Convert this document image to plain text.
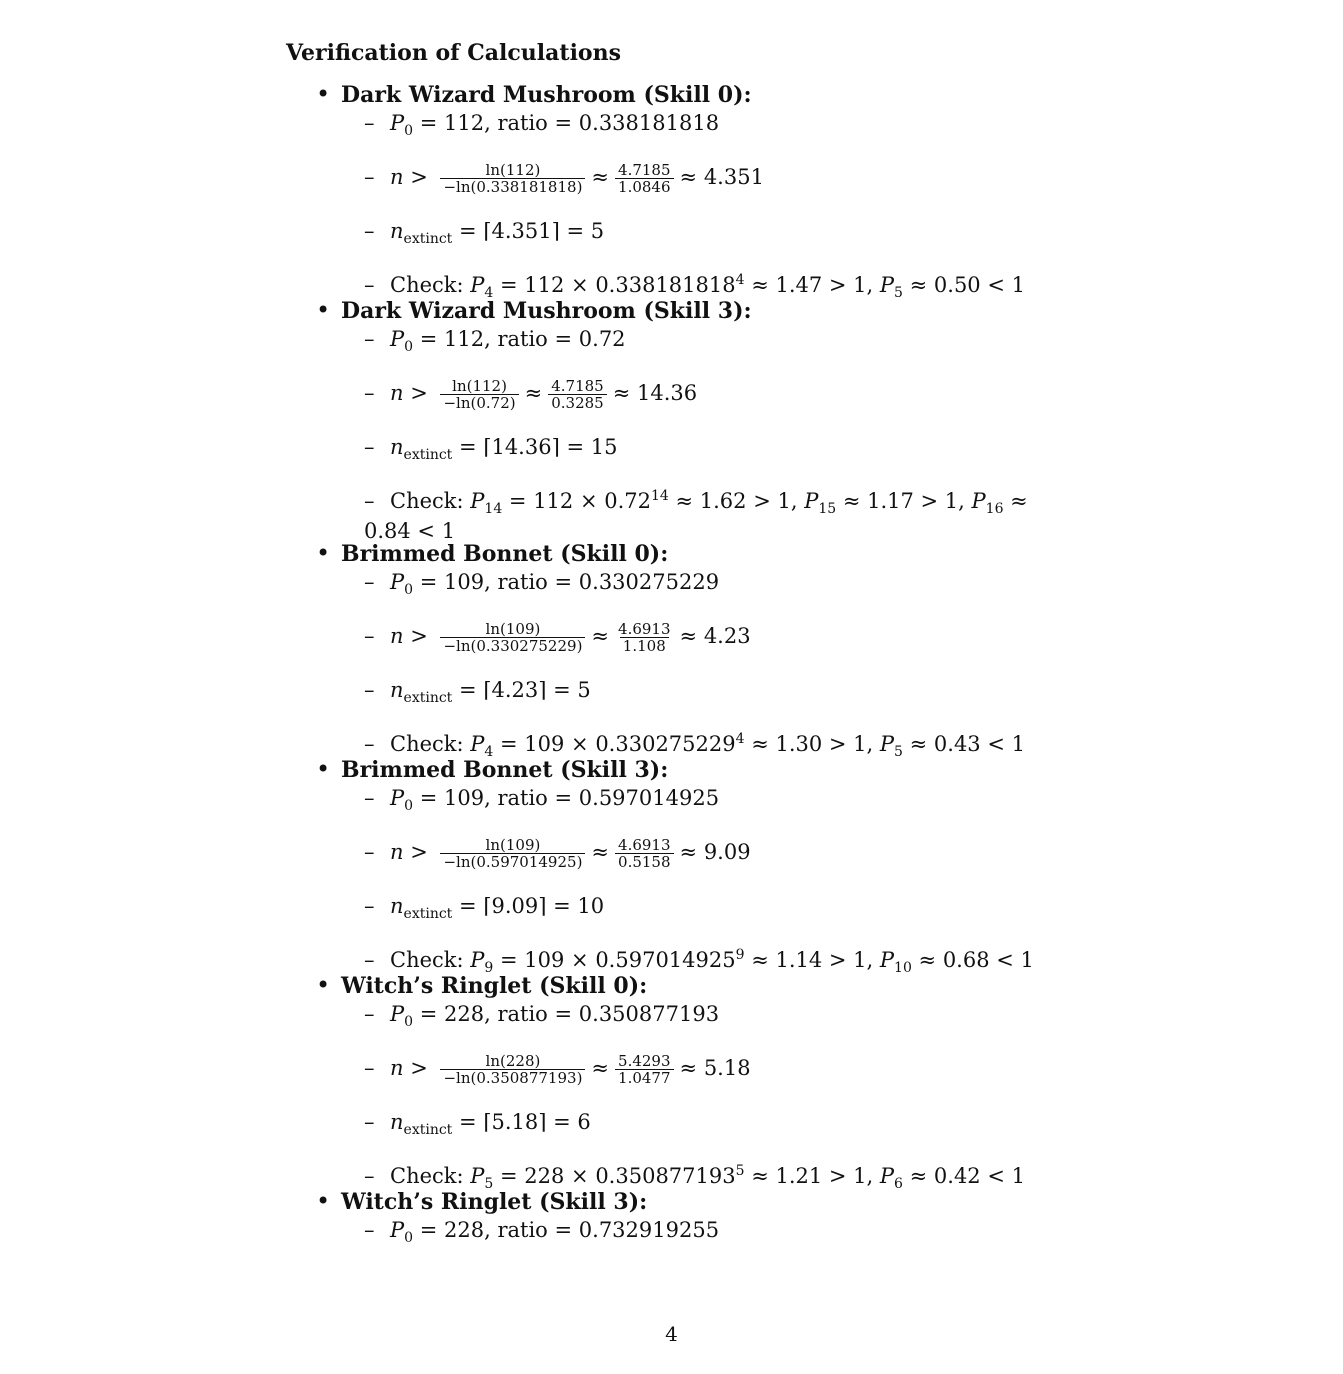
Verification of Calculations
• Dark Wizard Mushroom (Skill 0):
– $P_0 = 112$, ratio = 0.338181818
– $n > \frac{\ln(112)}{-\ln(0.338181818)} \approx \frac{4.7185}{1.0846} \approx 4.351$
– $n_{extinct}$ = ⌈4.351⌉ = 5
– Check: $P_4 = 112 \times 0.338181818^4 \approx 1.47 > 1$, $P_5 \approx 0.50 < 1$
• Dark Wizard Mushroom (Skill 3):
– $P_0 = 112$, ratio = 0.72
– $n > \frac{\ln(112)}{-\ln(0.72)} \approx \frac{4.7185}{0.3285} \approx 14.36$
– $n_{extinct}$ = ⌈14.36⌉ = 15
– Check: $P_{14} = 112 \times 0.72^{14} \approx 1.62 > 1$, $P_{15} \approx 1.17 > 1$, $P_{16} \approx 0.84 < 1$
• Brimmed Bonnet (Skill 0):
– $P_0 = 109$, ratio = 0.330275229
– $n > \frac{\ln(109)}{-\ln(0.330275229)} \approx \frac{4.6913}{1.108} \approx 4.23$
– $n_{extinct}$ = ⌈4.23⌉ = 5
– Check: $P_4 = 109 \times 0.330275229^4 \approx 1.30 > 1$, $P_5 \approx 0.43 < 1$
• Brimmed Bonnet (Skill 3):
– $P_0 = 109$, ratio = 0.597014925
– $n > \frac{\ln(109)}{-\ln(0.597014925)} \approx \frac{4.6913}{0.5158} \approx 9.09$
– $n_{extinct}$ = ⌈9.09⌉ = 10
– Check: $P_9 = 109 \times 0.597014925^9 \approx 1.14 > 1$, $P_{10} \approx 0.68 < 1$
• Witch’s Ringlet (Skill 0):
– $P_0 = 228$, ratio = 0.350877193
– $n > \frac{\ln(228)}{-\ln(0.350877193)} \approx \frac{5.4293}{1.0477} \approx 5.18$
– $n_{extinct}$ = ⌈5.18⌉ = 6
– Check: $P_5 = 228 \times 0.350877193^5 \approx 1.21 > 1$, $P_6 \approx 0.42 < 1$
• Witch’s Ringlet (Skill 3):
– $P_0 = 228$, ratio = 0.732919255
4
